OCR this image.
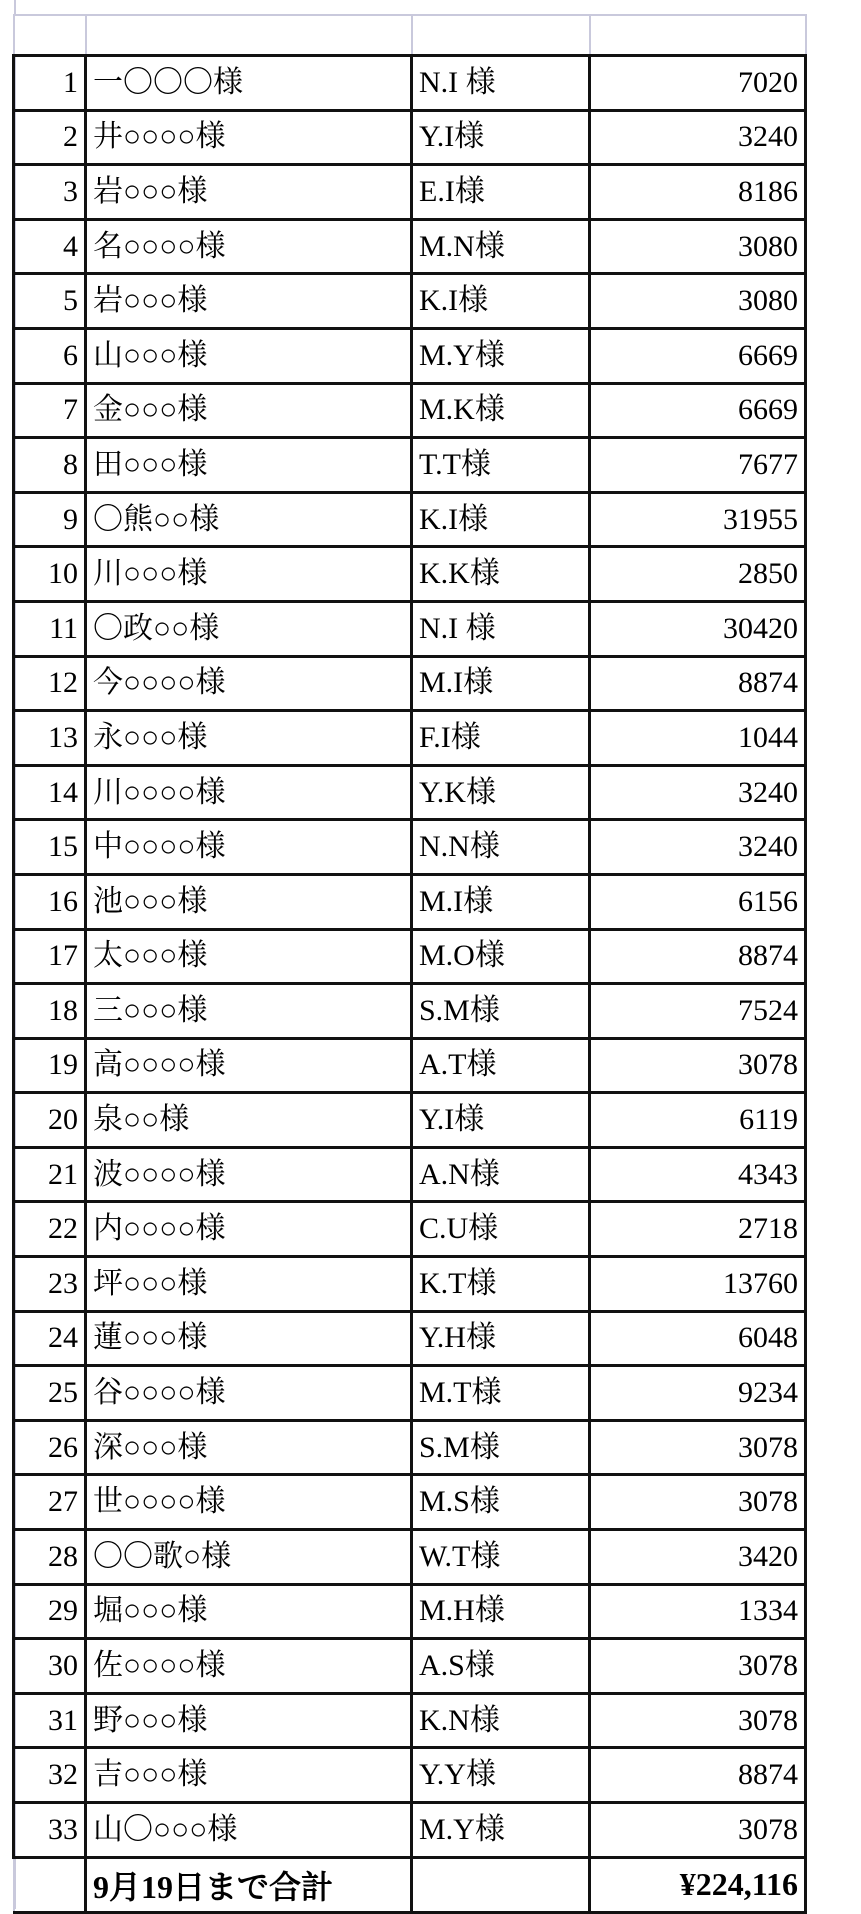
1	一〇〇〇様	N.I 様	7020
2	井○○○○様	Y.I様	3240
3	岩○○○様	E.I様	8186
4	名○○○○様	M.N様	3080
5	岩○○○様	K.I様	3080
6	山○○○様	M.Y様	6669
7	金○○○様	M.K様	6669
8	田○○○様	T.T様	7677
9	〇熊○○様	K.I様	31955
10	川○○○様	K.K様	2850
11	〇政○○様	N.I 様	30420
12	今○○○○様	M.I様	8874
13	永○○○様	F.I様	1044
14	川○○○○様	Y.K様	3240
15	中○○○○様	N.N様	3240
16	池○○○様	M.I様	6156
17	太○○○様	M.O様	8874
18	三○○○様	S.M様	7524
19	高○○○○様	A.T様	3078
20	泉○○様	Y.I様	6119
21	波○○○○様	A.N様	4343
22	内○○○○様	C.U様	2718
23	坪○○○様	K.T様	13760
24	蓮○○○様	Y.H様	6048
25	谷○○○○様	M.T様	9234
26	深○○○様	S.M様	3078
27	世○○○○様	M.S様	3078
28	〇〇歌○様	W.T様	3420
29	堀○○○様	M.H様	1334
30	佐○○○○様	A.S様	3078
31	野○○○様	K.N様	3078
32	吉○○○様	Y.Y様	8874
33	山〇○○○様	M.Y様	3078
	9月19日まで合計		¥224,116
